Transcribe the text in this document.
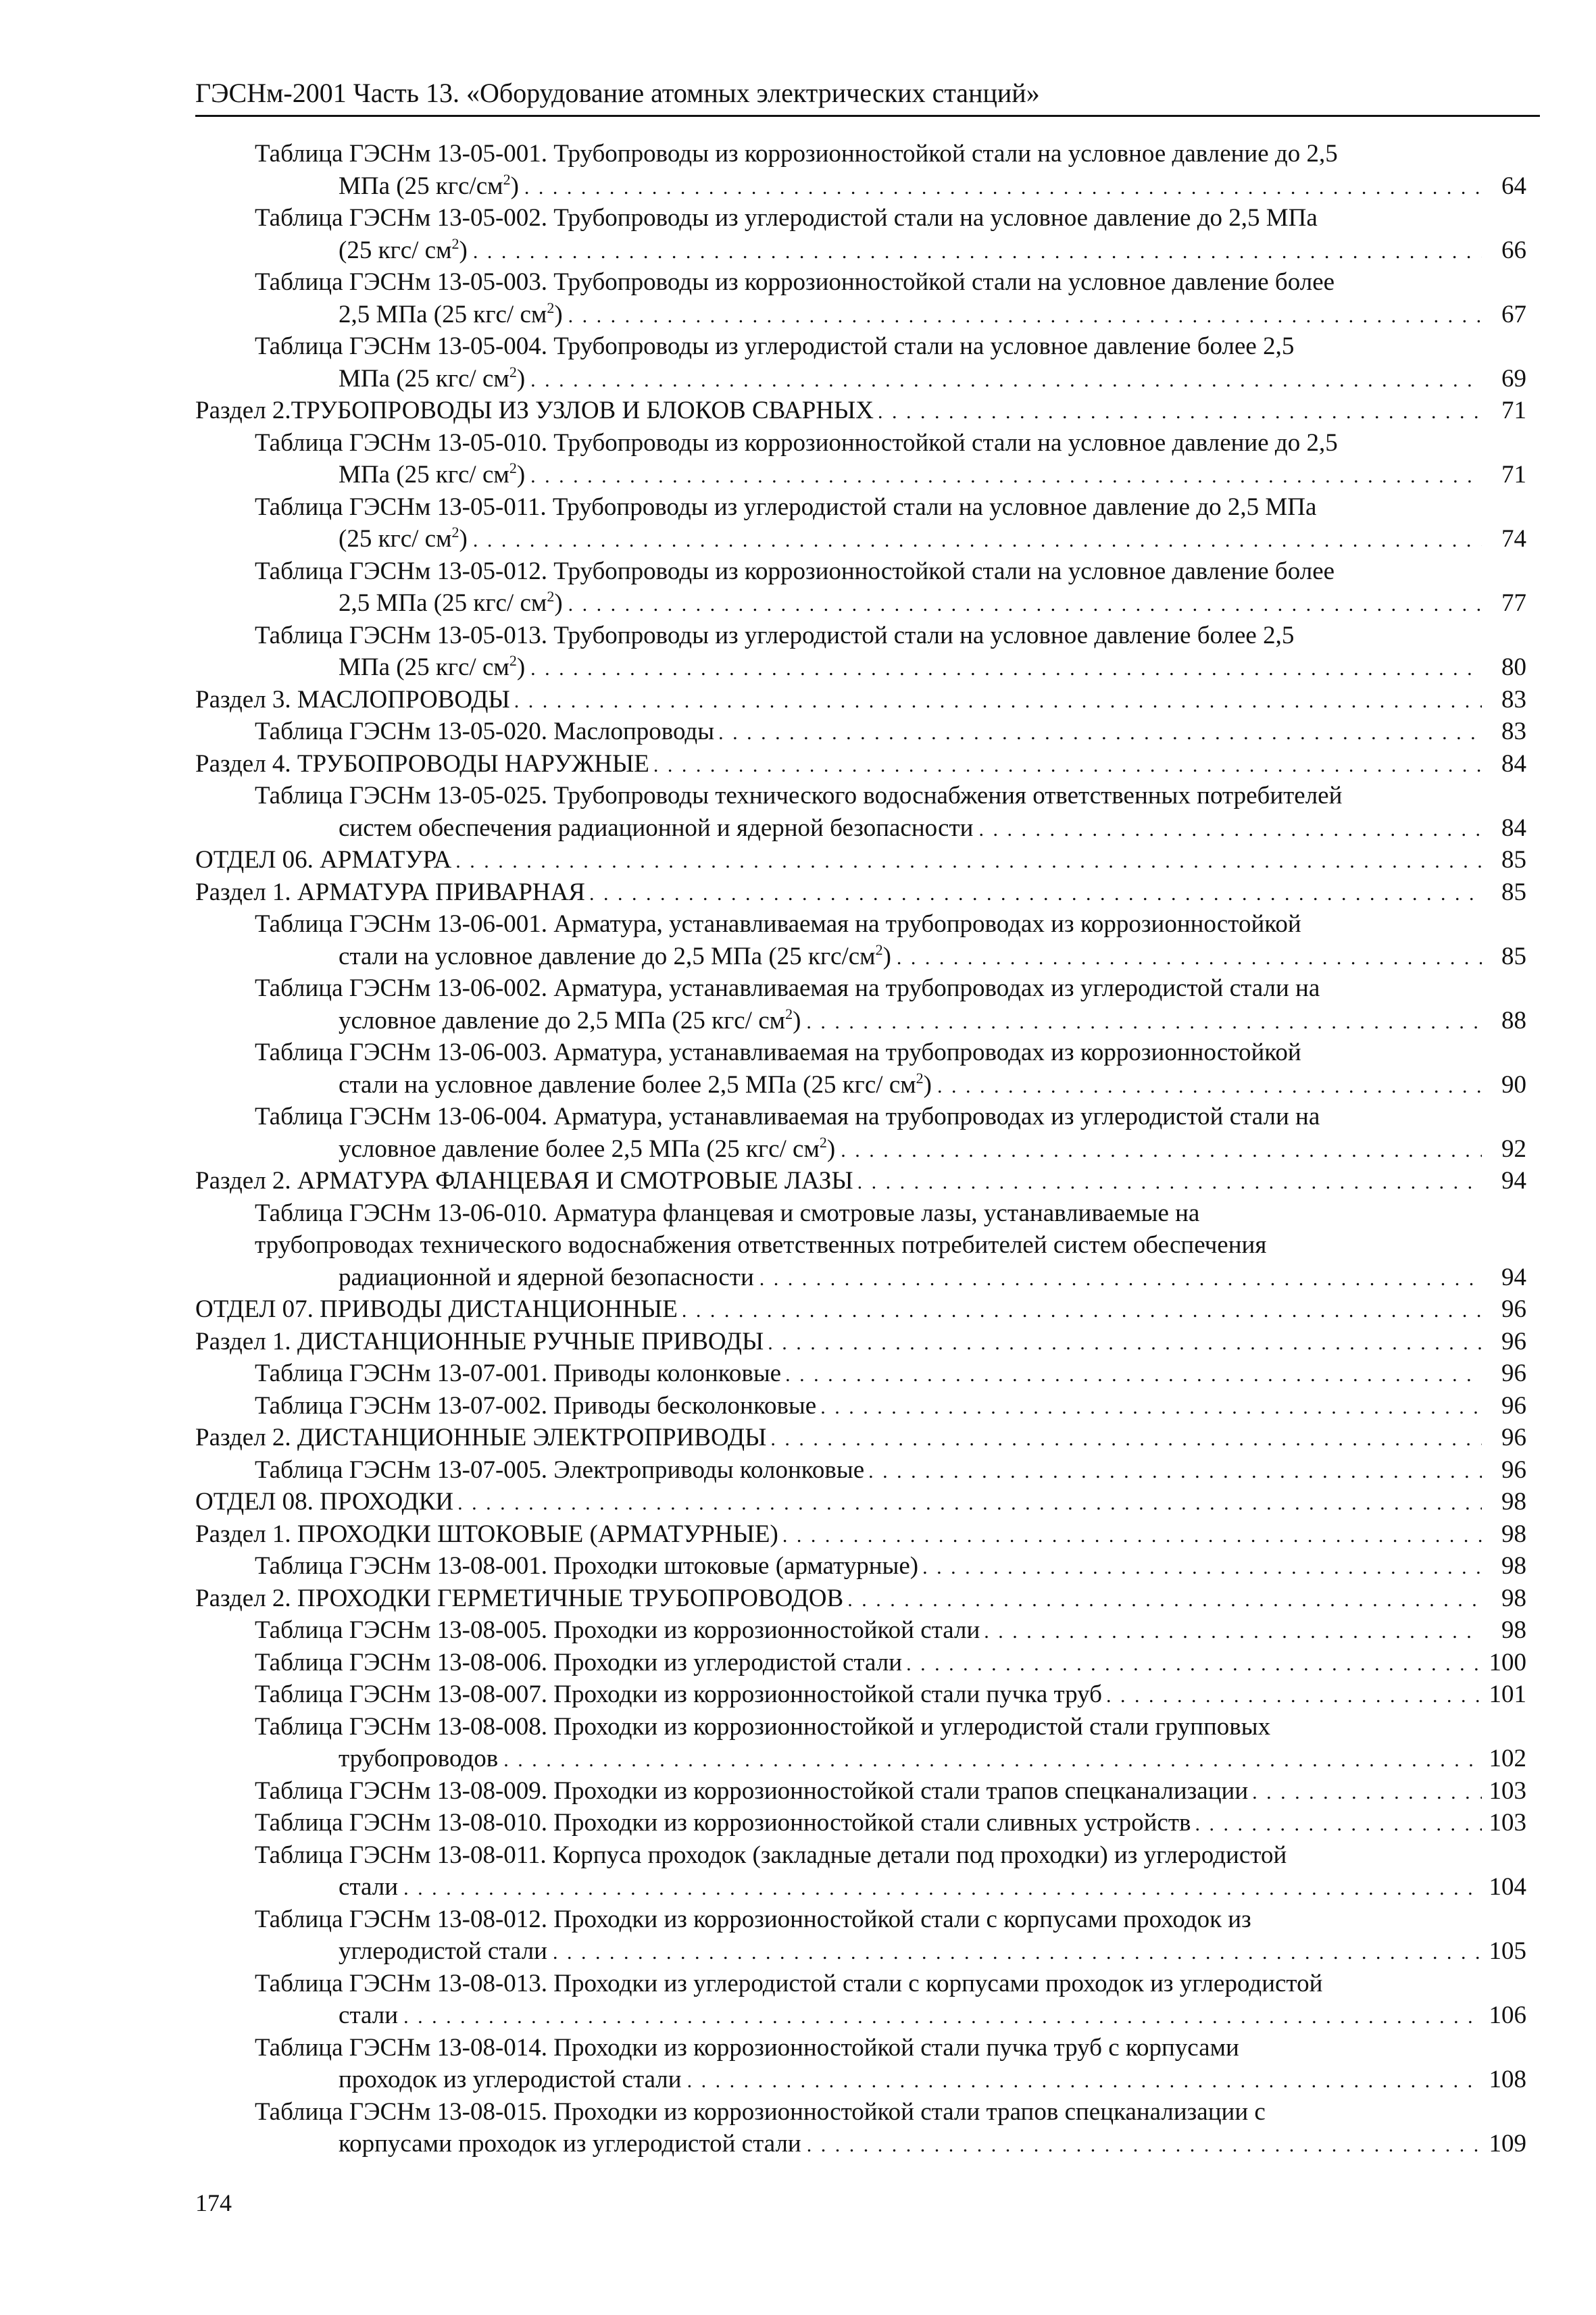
ГЭСНм-2001 Часть 13. «Оборудование атомных электрических станций»
Таблица ГЭСНм 13-05-001. Трубопроводы из коррозионностойкой стали на условное давление до 2,5
МПа (25 кгс/$см^2$) . . .	64
Таблица ГЭСНм 13-05-002. Трубопроводы из углеродистой стали на условное давление до 2,5 МПа
(25 кгс/ $см^2$) . . .	66
Таблица ГЭСНм 13-05-003. Трубопроводы из коррозионностойкой стали на условное давление более
2,5 МПа (25 кгс/ $см^2$) . . .	67
Таблица ГЭСНм 13-05-004. Трубопроводы из углеродистой стали на условное давление более 2,5
МПа (25 кгс/ $см^2$) . . .	69
Раздел 2.ТРУБОПРОВОДЫ ИЗ УЗЛОВ И БЛОКОВ СВАРНЫХ . . .	71
Таблица ГЭСНм 13-05-010. Трубопроводы из коррозионностойкой стали на условное давление до 2,5
МПа (25 кгс/ $см^2$) . . .	71
Таблица ГЭСНм 13-05-011. Трубопроводы из углеродистой стали на условное давление до 2,5 МПа
(25 кгс/ $см^2$) . . .	74
Таблица ГЭСНм 13-05-012. Трубопроводы из коррозионностойкой стали на условное давление более
2,5 МПа (25 кгс/ $см^2$) . . .	77
Таблица ГЭСНм 13-05-013. Трубопроводы из углеродистой стали на условное давление более 2,5
МПа (25 кгс/ $см^2$) . . .	80
Раздел 3. МАСЛОПРОВОДЫ . . .	83
Таблица ГЭСНм 13-05-020. Маслопроводы . . .	83
Раздел 4. ТРУБОПРОВОДЫ НАРУЖНЫЕ . . .	84
Таблица ГЭСНм 13-05-025. Трубопроводы технического водоснабжения ответственных потребителей
систем обеспечения радиационной и ядерной безопасности . . .	84
ОТДЕЛ 06. АРМАТУРА . . .	85
Раздел 1. АРМАТУРА ПРИВАРНАЯ . . .	85
Таблица ГЭСНм 13-06-001. Арматура, устанавливаемая на трубопроводах из коррозионностойкой
стали на условное давление до 2,5 МПа (25 кгс/$см^2$) . . .	85
Таблица ГЭСНм 13-06-002. Арматура, устанавливаемая на трубопроводах из углеродистой стали на
условное давление до 2,5 МПа (25 кгс/ $см^2$) . . .	88
Таблица ГЭСНм 13-06-003. Арматура, устанавливаемая на трубопроводах из коррозионностойкой
стали на условное давление более 2,5 МПа (25 кгс/ $см^2$) . . .	90
Таблица ГЭСНм 13-06-004. Арматура, устанавливаемая на трубопроводах из углеродистой стали на
условное давление более 2,5 МПа (25 кгс/ $см^2$) . . .	92
Раздел 2. АРМАТУРА ФЛАНЦЕВАЯ И СМОТРОВЫЕ ЛАЗЫ . . .	94
Таблица ГЭСНм 13-06-010. Арматура фланцевая и смотровые лазы, устанавливаемые на
трубопроводах технического водоснабжения ответственных потребителей систем обеспечения
радиационной и ядерной безопасности . . .	94
ОТДЕЛ 07. ПРИВОДЫ ДИСТАНЦИОННЫЕ . . .	96
Раздел 1. ДИСТАНЦИОННЫЕ РУЧНЫЕ ПРИВОДЫ . . .	96
Таблица ГЭСНм 13-07-001. Приводы колонковые . . .	96
Таблица ГЭСНм 13-07-002. Приводы бесколонковые . . .	96
Раздел 2. ДИСТАНЦИОННЫЕ ЭЛЕКТРОПРИВОДЫ . . .	96
Таблица ГЭСНм 13-07-005. Электроприводы колонковые . . .	96
ОТДЕЛ 08. ПРОХОДКИ . . .	98
Раздел 1. ПРОХОДКИ ШТОКОВЫЕ (АРМАТУРНЫЕ) . . .	98
Таблица ГЭСНм 13-08-001. Проходки штоковые (арматурные) . . .	98
Раздел 2. ПРОХОДКИ ГЕРМЕТИЧНЫЕ ТРУБОПРОВОДОВ . . .	98
Таблица ГЭСНм 13-08-005. Проходки из коррозионностойкой стали . . .	98
Таблица ГЭСНм 13-08-006. Проходки из углеродистой стали . . .	100
Таблица ГЭСНм 13-08-007. Проходки из коррозионностойкой стали пучка труб . . .	101
Таблица ГЭСНм 13-08-008. Проходки из коррозионностойкой и углеродистой стали групповых
трубопроводов . . .	102
Таблица ГЭСНм 13-08-009. Проходки из коррозионностойкой стали трапов спецканализации . . .	103
Таблица ГЭСНм 13-08-010. Проходки из коррозионностойкой стали сливных устройств . . .	103
Таблица ГЭСНм 13-08-011. Корпуса проходок (закладные детали под проходки) из углеродистой
стали . . .	104
Таблица ГЭСНм 13-08-012. Проходки из коррозионностойкой стали с корпусами проходок из
углеродистой стали . . .	105
Таблица ГЭСНм 13-08-013. Проходки из углеродистой стали с корпусами проходок из углеродистой
стали . . .	106
Таблица ГЭСНм 13-08-014. Проходки из коррозионностойкой стали пучка труб с корпусами
проходок из углеродистой стали . . .	108
Таблица ГЭСНм 13-08-015. Проходки из коррозионностойкой стали трапов спецканализации с
корпусами проходок из углеродистой стали . . .	109
174
